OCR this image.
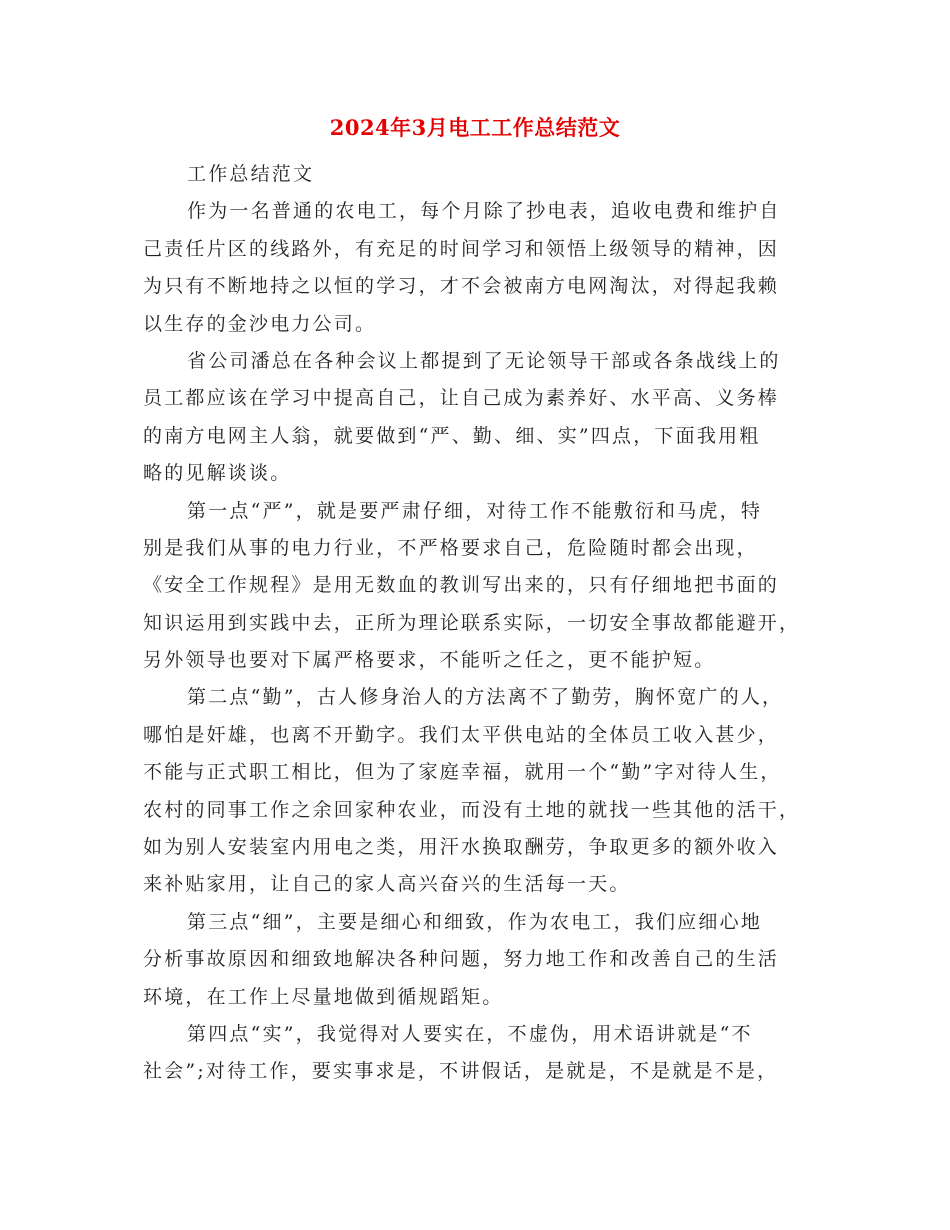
2024年3月电工工作总结范文
工作总结范文
作为一名普通的农电工，每个月除了抄电表，追收电费和维护自
己责任片区的线路外，有充足的时间学习和领悟上级领导的精神，因
为只有不断地持之以恒的学习，才不会被南方电网淘汰，对得起我赖
以生存的金沙电力公司。
省公司潘总在各种会议上都提到了无论领导干部或各条战线上的
员工都应该在学习中提高自己，让自己成为素养好、水平高、义务棒
的南方电网主人翁，就要做到“严、勤、细、实”四点，下面我用粗
略的见解谈谈。
第一点“严”，就是要严肃仔细，对待工作不能敷衍和马虎，特
别是我们从事的电力行业，不严格要求自己，危险随时都会出现，
《安全工作规程》是用无数血的教训写出来的，只有仔细地把书面的
知识运用到实践中去，正所为理论联系实际，一切安全事故都能避开，
另外领导也要对下属严格要求，不能听之任之，更不能护短。
第二点“勤”，古人修身治人的方法离不了勤劳，胸怀宽广的人，
哪怕是奸雄，也离不开勤字。我们太平供电站的全体员工收入甚少，
不能与正式职工相比，但为了家庭幸福，就用一个“勤”字对待人生，
农村的同事工作之余回家种农业，而没有土地的就找一些其他的活干，
如为别人安装室内用电之类，用汗水换取酬劳，争取更多的额外收入
来补贴家用，让自己的家人高兴奋兴的生活每一天。
第三点“细”，主要是细心和细致，作为农电工，我们应细心地
分析事故原因和细致地解决各种问题，努力地工作和改善自己的生活
环境，在工作上尽量地做到循规蹈矩。
第四点“实”，我觉得对人要实在，不虚伪，用术语讲就是“不
社会”;对待工作，要实事求是，不讲假话，是就是，不是就是不是，
